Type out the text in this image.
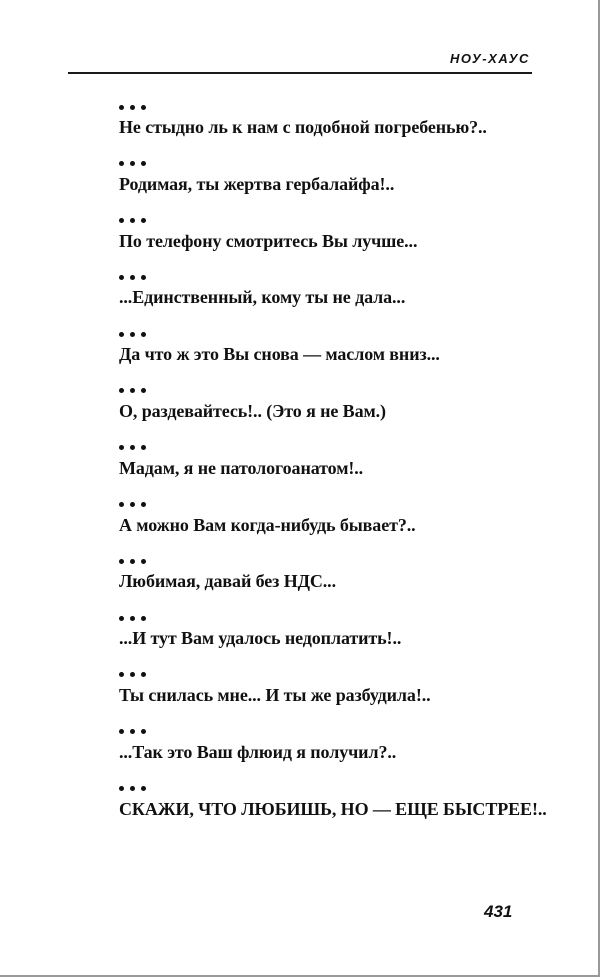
НОУ-ХАУС
Не стыдно ль к нам с подобной погребенью?..
Родимая, ты жертва гербалайфа!..
По телефону смотритесь Вы лучше...
...Единственный, кому ты не дала...
Да что ж это Вы снова — маслом вниз...
О, раздевайтесь!.. (Это я не Вам.)
Мадам, я не патологоанатом!..
А можно Вам когда-нибудь бывает?..
Любимая, давай без НДС...
...И тут Вам удалось недоплатить!..
Ты снилась мне... И ты же разбудила!..
...Так это Ваш флюид я получил?..
СКАЖИ, ЧТО ЛЮБИШЬ, НО — ЕЩЕ БЫСТРЕЕ!..
431
